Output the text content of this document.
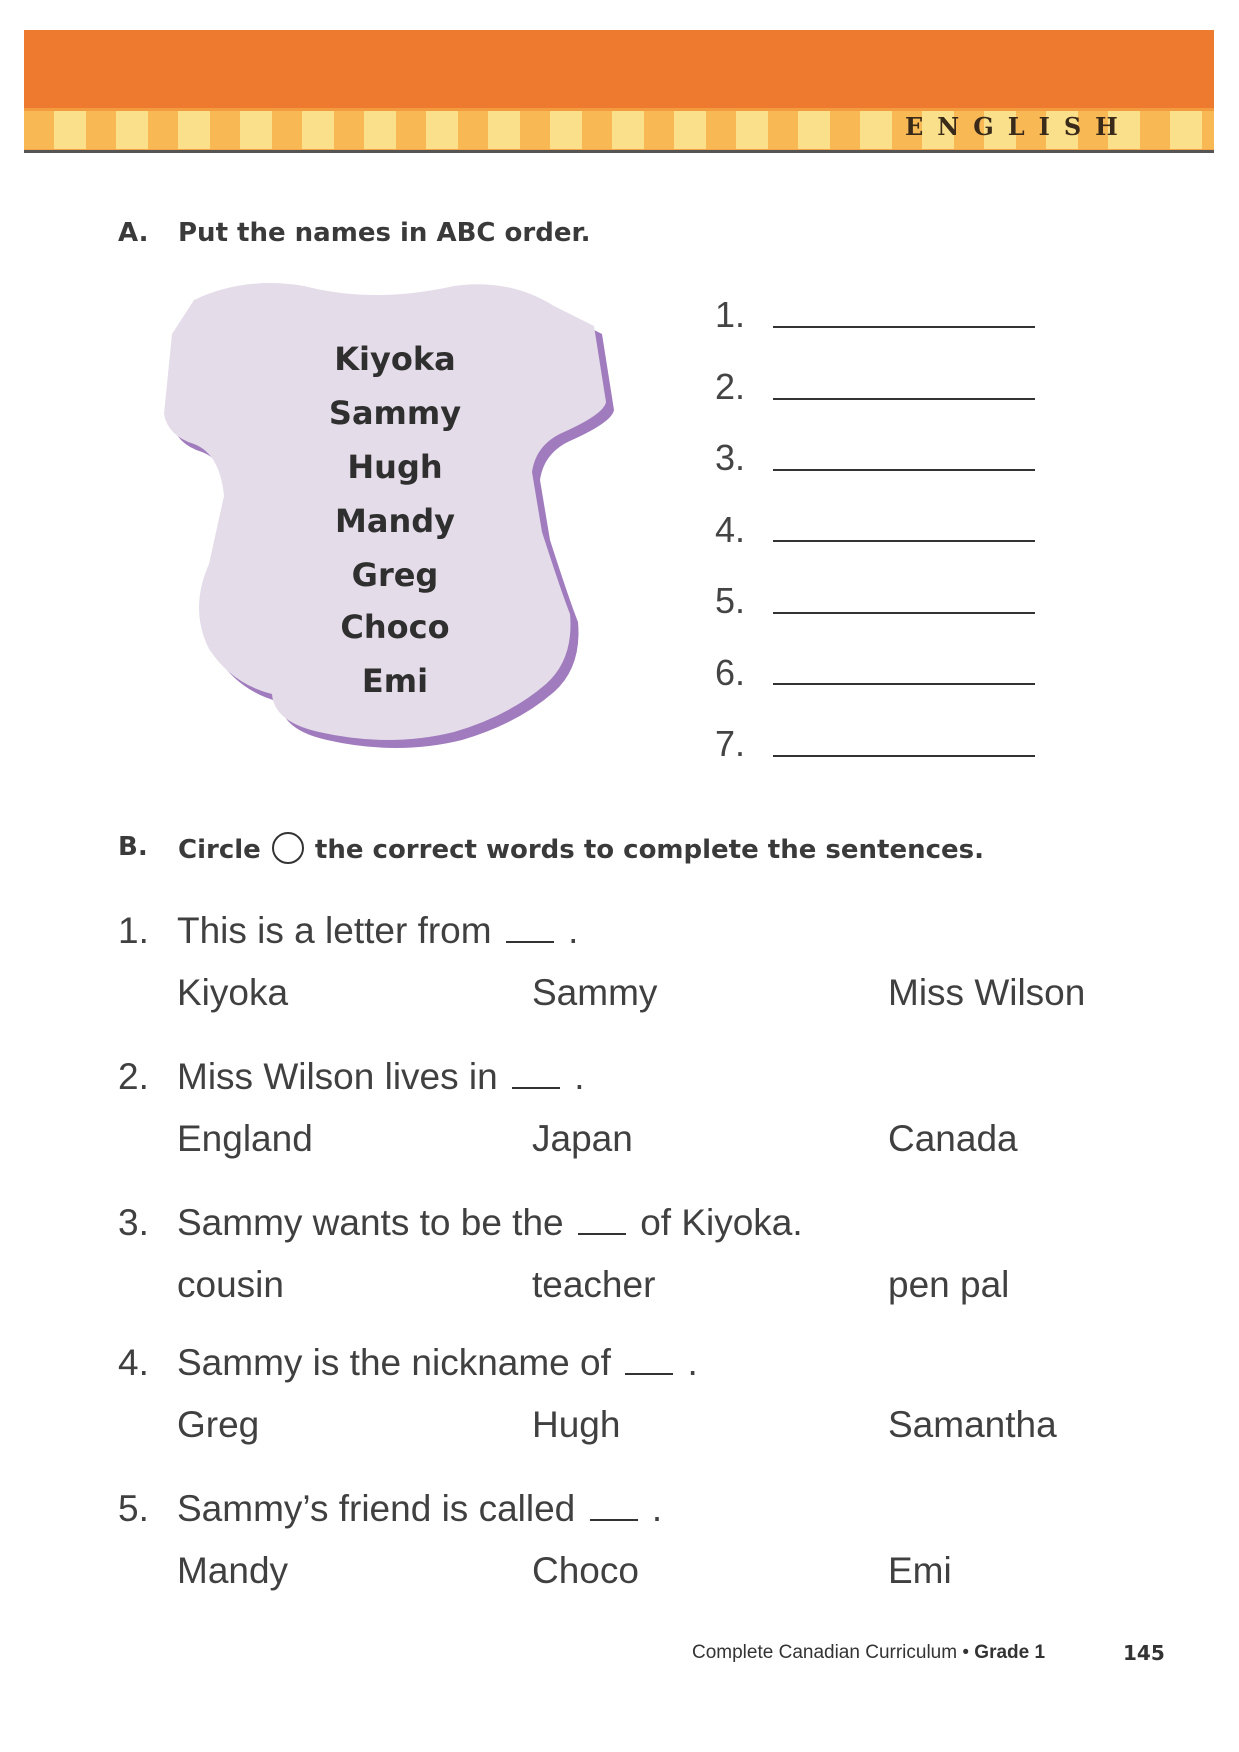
ENGLISH
A. Put the names in ABC order.
Kiyoka
Sammy
Hugh
Mandy
Greg
Choco
Emi
1.
2.
3.
4.
5.
6.
7.
B. Circle the correct words to complete the sentences.
1. This is a letter from .
Kiyoka	Sammy	Miss Wilson
2. Miss Wilson lives in .
England	Japan	Canada
3. Sammy wants to be the of Kiyoka.
cousin	teacher	pen pal
4. Sammy is the nickname of .
Greg	Hugh	Samantha
5. Sammy’s friend is called .
Mandy	Choco	Emi
Complete Canadian Curriculum • Grade 1	145
